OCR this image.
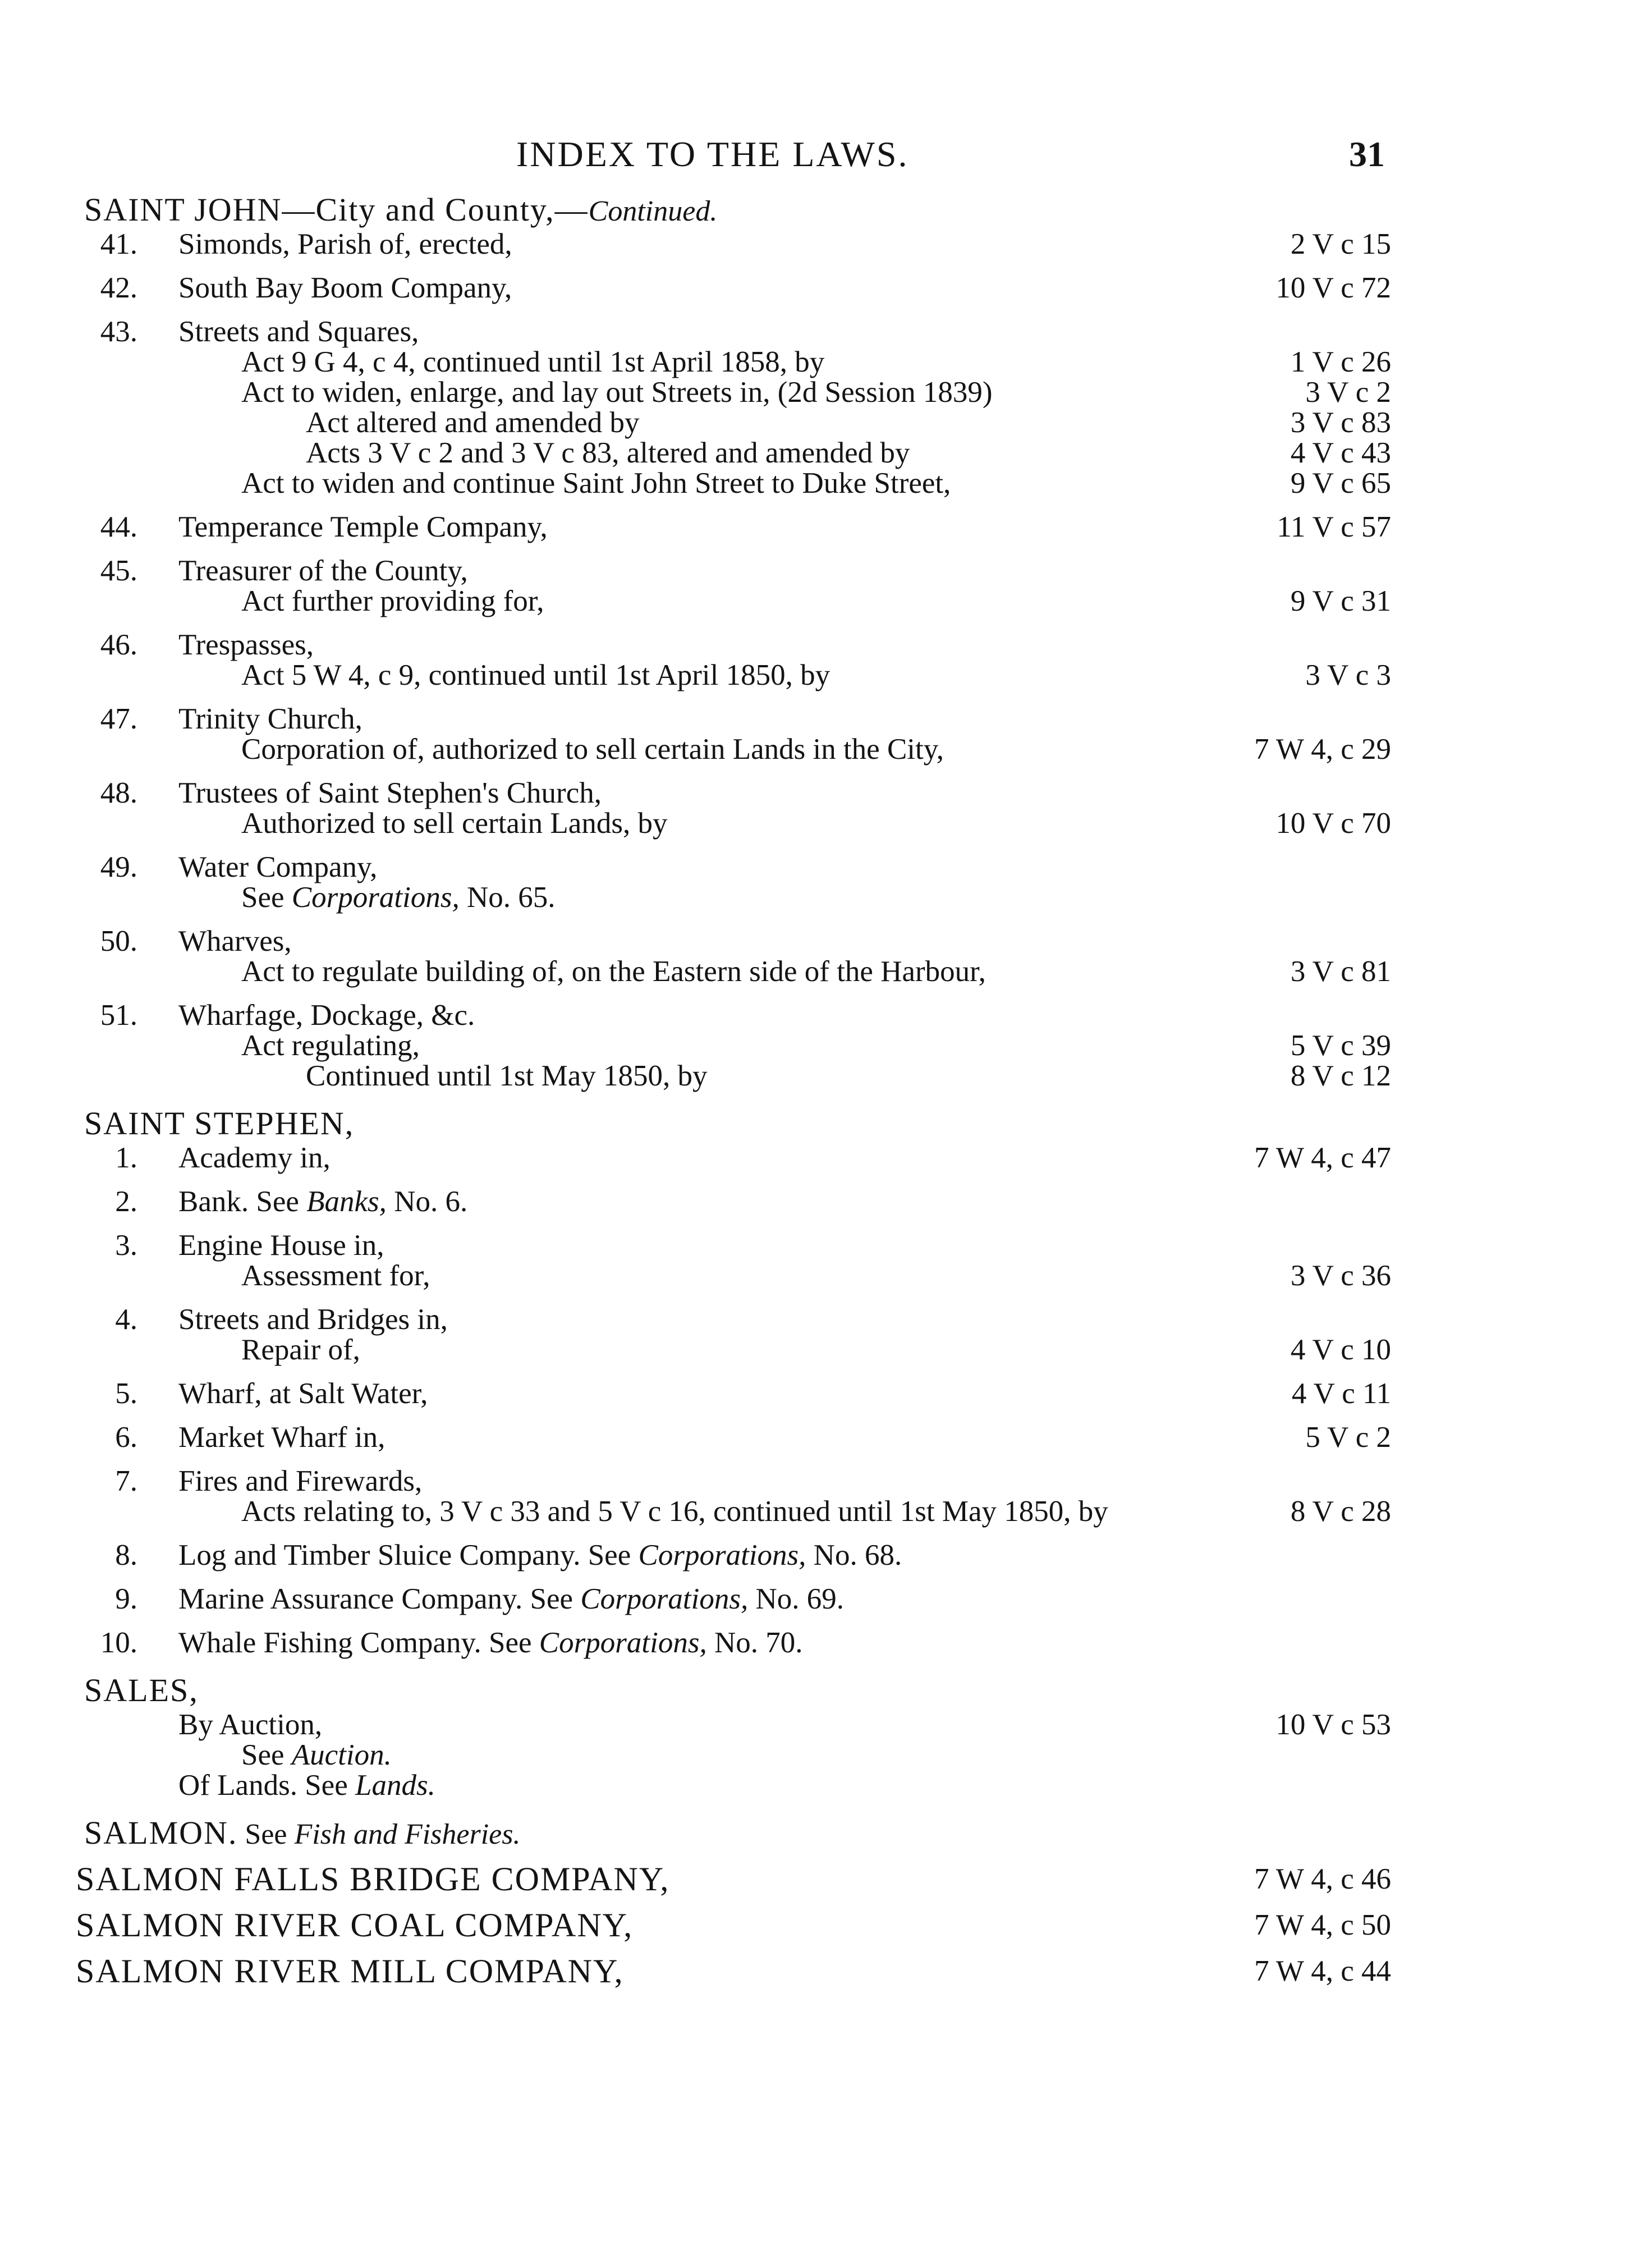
INDEX TO THE LAWS.	31
SAINT JOHN—City and County,—Continued.
41. Simonds, Parish of, erected,	2 V c 15
42. South Bay Boom Company,	10 V c 72
43. Streets and Squares,
Act 9 G 4, c 4, continued until 1st April 1858, by	1 V c 26
Act to widen, enlarge, and lay out Streets in, (2d Session 1839)	3 V c 2
Act altered and amended by	3 V c 83
Acts 3 V c 2 and 3 V c 83, altered and amended by	4 V c 43
Act to widen and continue Saint John Street to Duke Street,	9 V c 65
44. Temperance Temple Company,	11 V c 57
45. Treasurer of the County,
Act further providing for,	9 V c 31
46. Trespasses,
Act 5 W 4, c 9, continued until 1st April 1850, by	3 V c 3
47. Trinity Church,
Corporation of, authorized to sell certain Lands in the City,	7 W 4, c 29
48. Trustees of Saint Stephen's Church,
Authorized to sell certain Lands, by	10 V c 70
49. Water Company,
See Corporations, No. 65.
50. Wharves,
Act to regulate building of, on the Eastern side of the Harbour,	3 V c 81
51. Wharfage, Dockage, &c.
Act regulating,	5 V c 39
Continued until 1st May 1850, by	8 V c 12
SAINT STEPHEN,
1. Academy in,	7 W 4, c 47
2. Bank. See Banks, No. 6.
3. Engine House in,
Assessment for,	3 V c 36
4. Streets and Bridges in,
Repair of,	4 V c 10
5. Wharf, at Salt Water,	4 V c 11
6. Market Wharf in,	5 V c 2
7. Fires and Firewards,
Acts relating to, 3 V c 33 and 5 V c 16, continued until 1st May 1850, by	8 V c 28
8. Log and Timber Sluice Company. See Corporations, No. 68.
9. Marine Assurance Company. See Corporations, No. 69.
10. Whale Fishing Company. See Corporations, No. 70.
SALES,
By Auction,	10 V c 53
See Auction.
Of Lands. See Lands.
SALMON. See Fish and Fisheries.
SALMON FALLS BRIDGE COMPANY,	7 W 4, c 46
SALMON RIVER COAL COMPANY,	7 W 4, c 50
SALMON RIVER MILL COMPANY,	7 W 4, c 44
